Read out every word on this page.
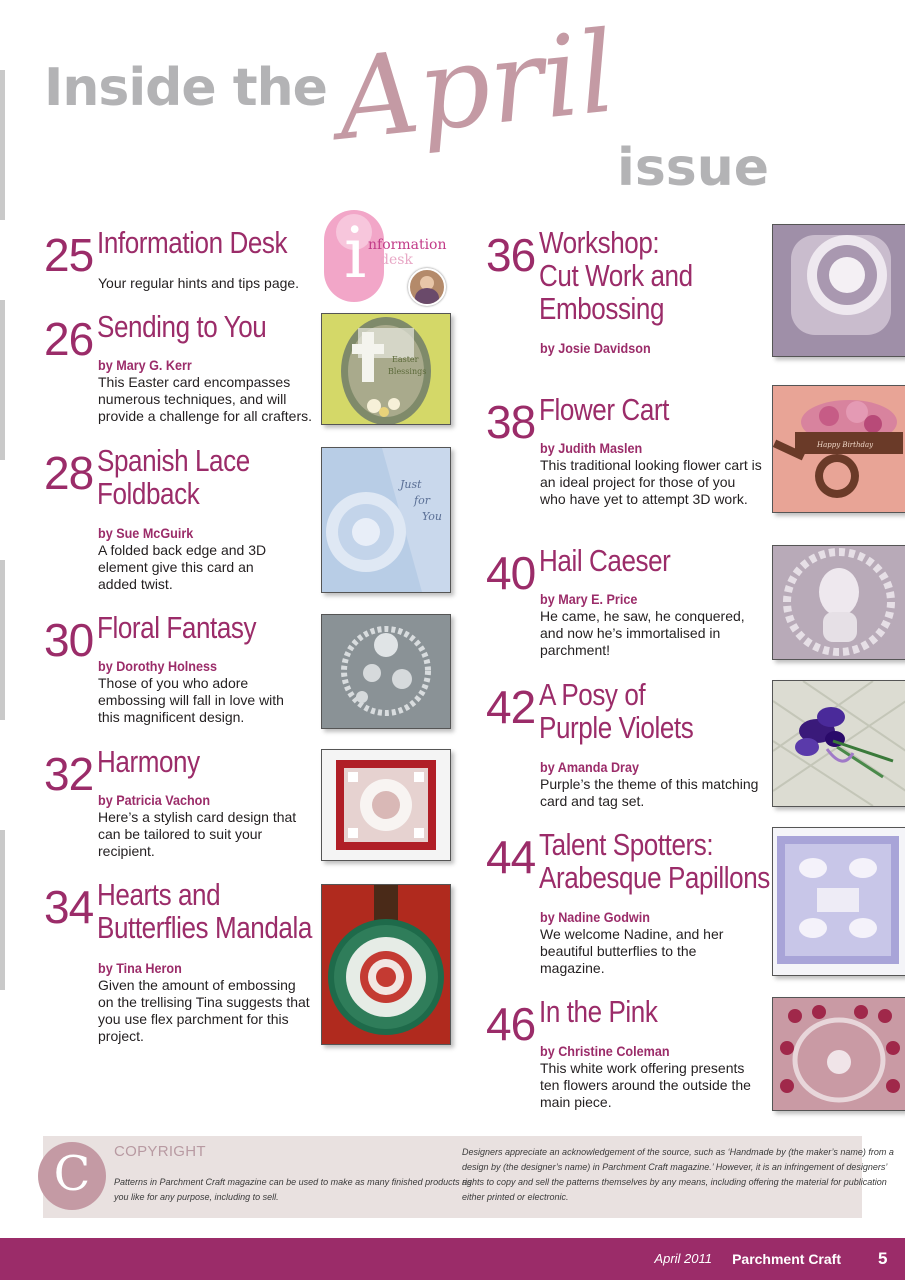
Inside the April
issue
i nformation
desk
25 Information Desk
Your regular hints and tips page.
26 Sending to You
by Mary G. Kerr
This Easter card encompasses
numerous techniques, and will
provide a challenge for all crafters.
28 Spanish Lace
Foldback
by Sue McGuirk
A folded back edge and 3D
element give this card an
added twist.
30 Floral Fantasy
by Dorothy Holness
Those of you who adore
embossing will fall in love with
this magnificent design.
32 Harmony
by Patricia Vachon
Here’s a stylish card design that
can be tailored to suit your
recipient.
34 Hearts and
Butterflies Mandala
by Tina Heron
Given the amount of embossing
on the trellising Tina suggests that
you use flex parchment for this
project.
36 Workshop:
Cut Work and
Embossing
by Josie Davidson
38 Flower Cart
by Judith Maslen
This traditional looking flower cart is
an ideal project for those of you
who have yet to attempt 3D work.
40 Hail Caeser
by Mary E. Price
He came, he saw, he conquered,
and now he’s immortalised in
parchment!
42 A Posy of
Purple Violets
by Amanda Dray
Purple’s the theme of this matching
card and tag set.
44 Talent Spotters:
Arabesque Papillons
by Nadine Godwin
We welcome Nadine, and her
beautiful butterflies to the
magazine.
46 In the Pink
by Christine Coleman
This white work offering presents
ten flowers around the outside the
main piece.
Easter
Blessings
Just
for
You
Happy Birthday
C	COPYRIGHT
Patterns in Parchment Craft magazine can be used to make as many finished products as
you like for any purpose, including to sell.
Designers appreciate an acknowledgement of the source, such as ‘Handmade by (the maker’s name) from a
design by (the designer’s name) in Parchment Craft magazine.’ However, it is an infringement of designers’
rights to copy and sell the patterns themselves by any means, including offering the material for publication
either printed or electronic.
April 2011 Parchment Craft 5
